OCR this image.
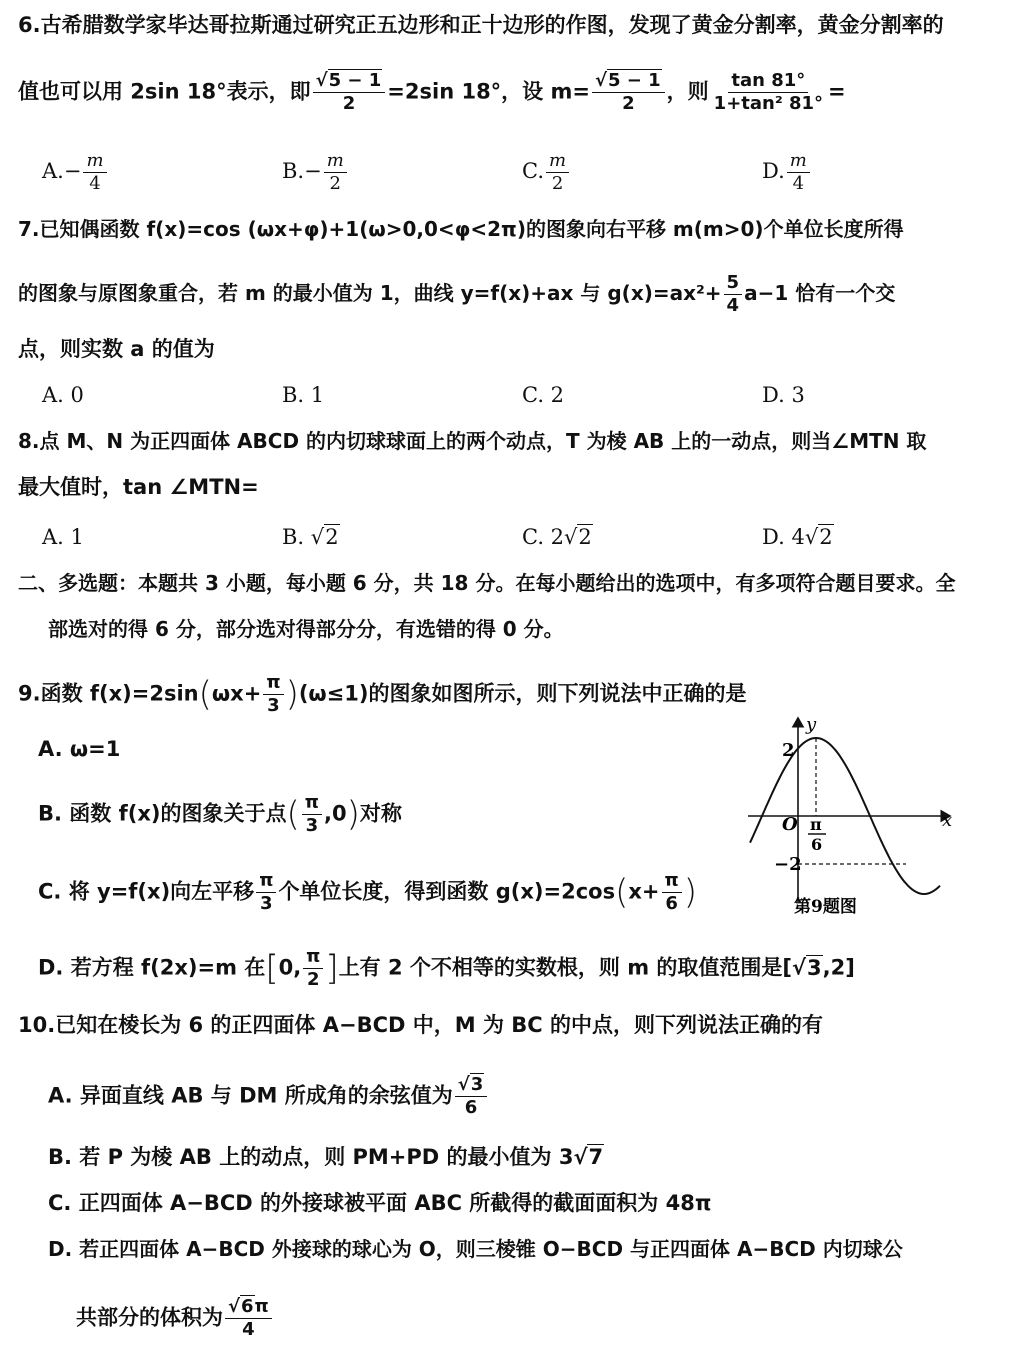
6.古希腊数学家毕达哥拉斯通过研究正五边形和正十边形的作图，发现了黄金分割率，黄金分割率的
值也可以用 2sin 18°表示，即 $\frac{√5 - 1}{2} =2\sin$ 18°，设 $m= \frac{√5 - 1}{2}$ ，则 $\frac{\tan 81^\circ}{\text{1+tan² 81°}}$ =
$A.- \frac{m}{4}$	$B.- \frac{m}{2}$	C. $\frac{m}{2}$	D. $\frac{m}{4}$
7.已知偶函数 f(x)=cos (ωx+φ)+1(ω>0,0<φ<2π)的图象向右平移 m(m>0)个单位长度所得
的图象与原图象重合，若 m 的最小值为 1，曲线 y=f(x)+ax 与 $g(x)=ax^2+ \frac{5}{4} a-1$ 恰有一个交
点，则实数 a 的值为
A. 0	B. 1	C. 2	D. 3
8.点 M、N 为正四面体 ABCD 的内切球球面上的两个动点，T 为棱 AB 上的一动点，则当∠MTN 取
最大值时，tan ∠MTN=
A. 1	B. √2	C. 2√2	D. 4√2
二、多选题：本题共 3 小题，每小题 6 分，共 18 分。在每小题给出的选项中，有多项符合题目要求。全
部选对的得 6 分，部分选对得部分分，有选错的得 0 分。
9.函数 $f(x)=2\sin(\omega x+ \frac{\pi}{3} )(\omega\le 1)$的图象如图所示，则下列说法中正确的是
A. ω=1
B. 函数 f(x)的图象关于点( $\frac{\pi}{3} ,0$)对称
C. 将 y=f(x)向左平移 $\frac{\pi}{3}$ 个单位长度，得到函数 $g(x)=2\cos(x+ \frac{\pi}{6}$ )
D. 若方程 f(2x)=m 在[0, $\frac{\pi}{2}$ ]上有 2 个不相等的实数根，则 m 的取值范围是[√3,2]
y
x
O
2
−2
π
6
第9题图
10.已知在棱长为 6 的正四面体 A−BCD 中，M 为 BC 的中点，则下列说法正确的有
A. 异面直线 AB 与 DM 所成角的余弦值为 $\frac{√3}{6}$
B. 若 P 为棱 AB 上的动点，则 PM+PD 的最小值为 3√7
C. 正四面体 A−BCD 的外接球被平面 ABC 所截得的截面面积为 48π
D. 若正四面体 A−BCD 外接球的球心为 O，则三棱锥 O−BCD 与正四面体 A−BCD 内切球公
共部分的体积为 $\frac{√6\pi}{4}$
